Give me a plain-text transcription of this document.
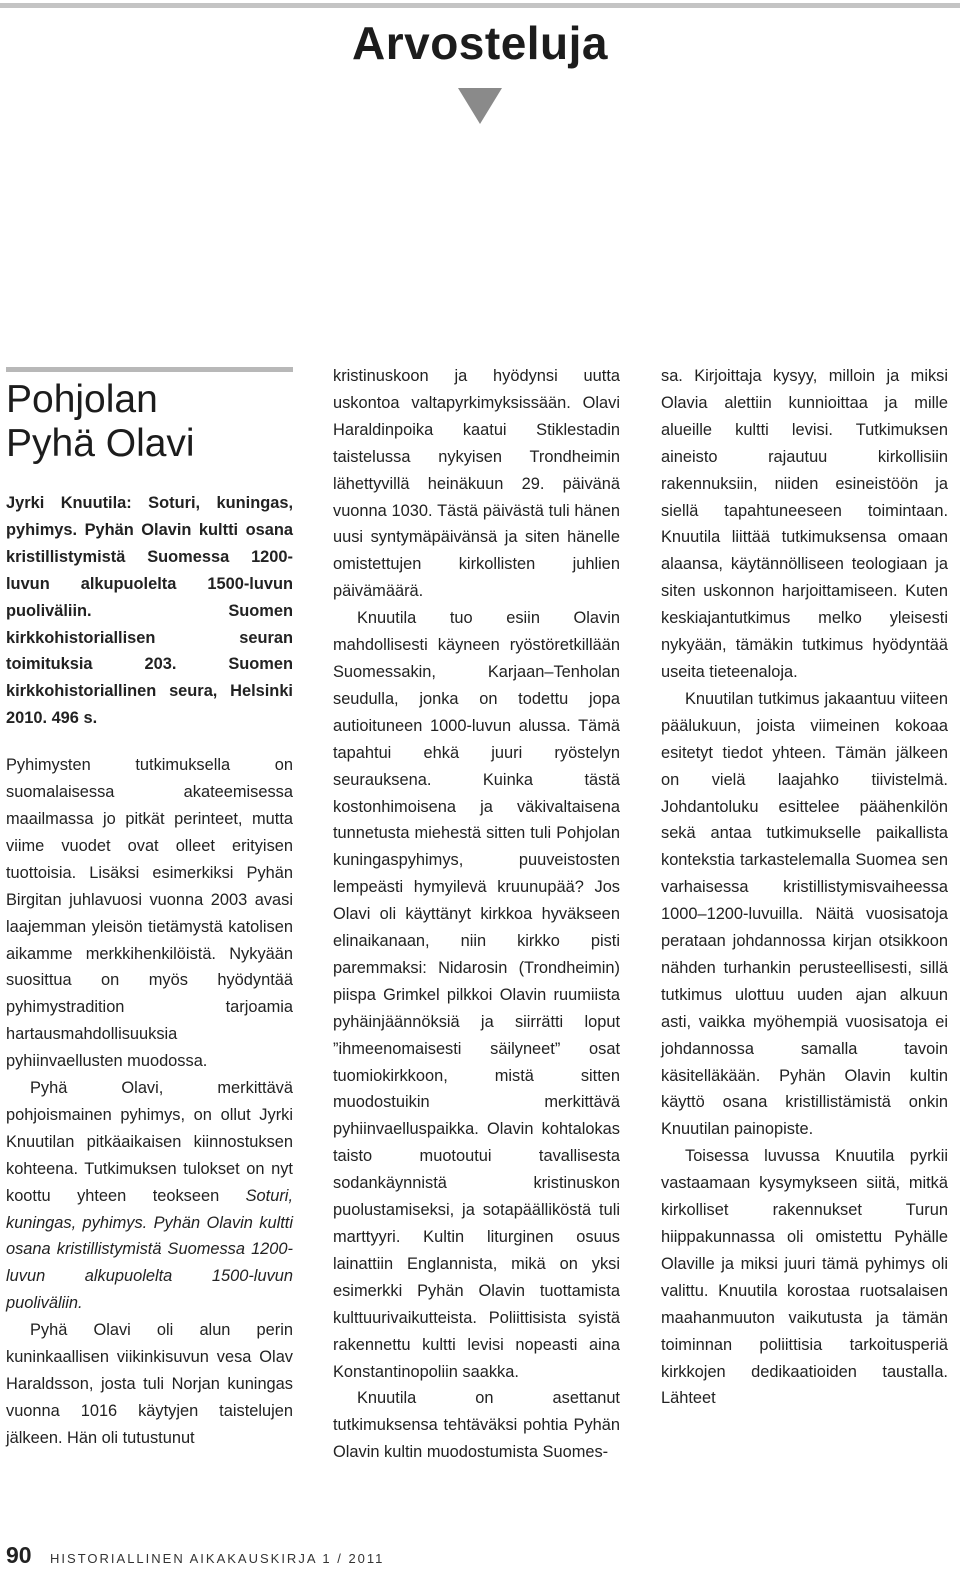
Arvosteluja
Pohjolan
Pyhä Olavi

Jyrki Knuutila: Soturi, kuningas, pyhimys. Pyhän Olavin kultti osana kristillistymistä Suomessa 1200-luvun alkupuolelta 1500-luvun puoliväliin. Suomen kirkkohistoriallisen seuran toimituksia 203. Suomen kirkkohistoriallinen seura, Helsinki 2010. 496 s.

Pyhimysten tutkimuksella on suomalaisessa akateemisessa maailmassa jo pitkät perinteet, mutta viime vuodet ovat olleet erityisen tuottoisia. Lisäksi esimerkiksi Pyhän Birgitan juhlavuosi vuonna 2003 avasi laajemman yleisön tietämystä katolisen aikamme merkkihenkilöistä. Nykyään suosittua on myös hyödyntää pyhimystradition tarjoamia hartausmahdollisuuksia pyhiinvaellusten muodossa.

Pyhä Olavi, merkittävä pohjoismainen pyhimys, on ollut Jyrki Knuutilan pitkäaikaisen kiinnostuksen kohteena. Tutkimuksen tulokset on nyt koottu yhteen teokseen Soturi, kuningas, pyhimys. Pyhän Olavin kultti osana kristillistymistä Suomessa 1200-luvun alkupuolelta 1500-luvun puoliväliin.

Pyhä Olavi oli alun perin kuninkaallisen viikinkisuvun vesa Olav Haraldsson, josta tuli Norjan kuningas vuonna 1016 käytyjen taistelujen jälkeen. Hän oli tutustunut

kristinuskoon ja hyödynsi uutta uskontoa valtapyrkimyksissään. Olavi Haraldinpoika kaatui Stiklestadin taistelussa nykyisen Trondheimin lähettyvillä heinäkuun 29. päivänä vuonna 1030. Tästä päivästä tuli hänen uusi syntymäpäivänsä ja siten hänelle omistettujen kirkollisten juhlien päivämäärä.

Knuutila tuo esiin Olavin mahdollisesti käyneen ryöstöretkillään Suomessakin, Karjaan–Tenholan seudulla, jonka on todettu jopa autioituneen 1000-luvun alussa. Tämä tapahtui ehkä juuri ryöstelyn seurauksena. Kuinka tästä kostonhimoisena ja väkivaltaisena tunnetusta miehestä sitten tuli Pohjolan kuningaspyhimys, puuveistosten lempeästi hymyilevä kruunupää? Jos Olavi oli käyttänyt kirkkoa hyväkseen elinaikanaan, niin kirkko pisti paremmaksi: Nidarosin (Trondheimin) piispa Grimkel pilkkoi Olavin ruumiista pyhäinjäännöksiä ja siirrätti loput ”ihmeenomaisesti säilyneet” osat tuomiokirkkoon, mistä sitten muodostuikin merkittävä pyhiinvaelluspaikka. Olavin kohtalokas taisto muotoutui tavallisesta sodankäynnistä kristinuskon puolustamiseksi, ja sotapäälliköstä tuli marttyyri. Kultin liturginen osuus lainattiin Englannista, mikä on yksi esimerkki Pyhän Olavin tuottamista kulttuurivaikutteista. Poliittisista syistä rakennettu kultti levisi nopeasti aina Konstantinopoliin saakka.

Knuutila on asettanut tutkimuksensa tehtäväksi pohtia Pyhän Olavin kultin muodostumista Suomes-

sa. Kirjoittaja kysyy, milloin ja miksi Olavia alettiin kunnioittaa ja mille alueille kultti levisi. Tutkimuksen aineisto rajautuu kirkollisiin rakennuksiin, niiden esineistöön ja siellä tapahtuneeseen toimintaan. Knuutila liittää tutkimuksensa omaan alaansa, käytännölliseen teologiaan ja siten uskonnon harjoittamiseen. Kuten keskiajantutkimus melko yleisesti nykyään, tämäkin tutkimus hyödyntää useita tieteenaloja.

Knuutilan tutkimus jakaantuu viiteen päälukuun, joista viimeinen kokoaa esitetyt tiedot yhteen. Tämän jälkeen on vielä laajahko tiivistelmä. Johdantoluku esittelee päähenkilön sekä antaa tutkimukselle paikallista kontekstia tarkastelemalla Suomea sen varhaisessa kristillistymisvaiheessa 1000–1200-luvuilla. Näitä vuosisatoja perataan johdannossa kirjan otsikkoon nähden turhankin perusteellisesti, sillä tutkimus ulottuu uuden ajan alkuun asti, vaikka myöhempiä vuosisatoja ei johdannossa samalla tavoin käsitelläkään. Pyhän Olavin kultin käyttö osana kristillistämistä onkin Knuutilan painopiste.

Toisessa luvussa Knuutila pyrkii vastaamaan kysymykseen siitä, mitkä kirkolliset rakennukset Turun hiippakunnassa oli omistettu Pyhälle Olaville ja miksi juuri tämä pyhimys oli valittu. Knuutila korostaa ruotsalaisen maahanmuuton vaikutusta ja tämän toiminnan poliittisia tarkoitusperiä kirkkojen dedikaatioiden taustalla. Lähteet

90 HISTORIALLINEN AIKAKAUSKIRJA 1 / 2011
